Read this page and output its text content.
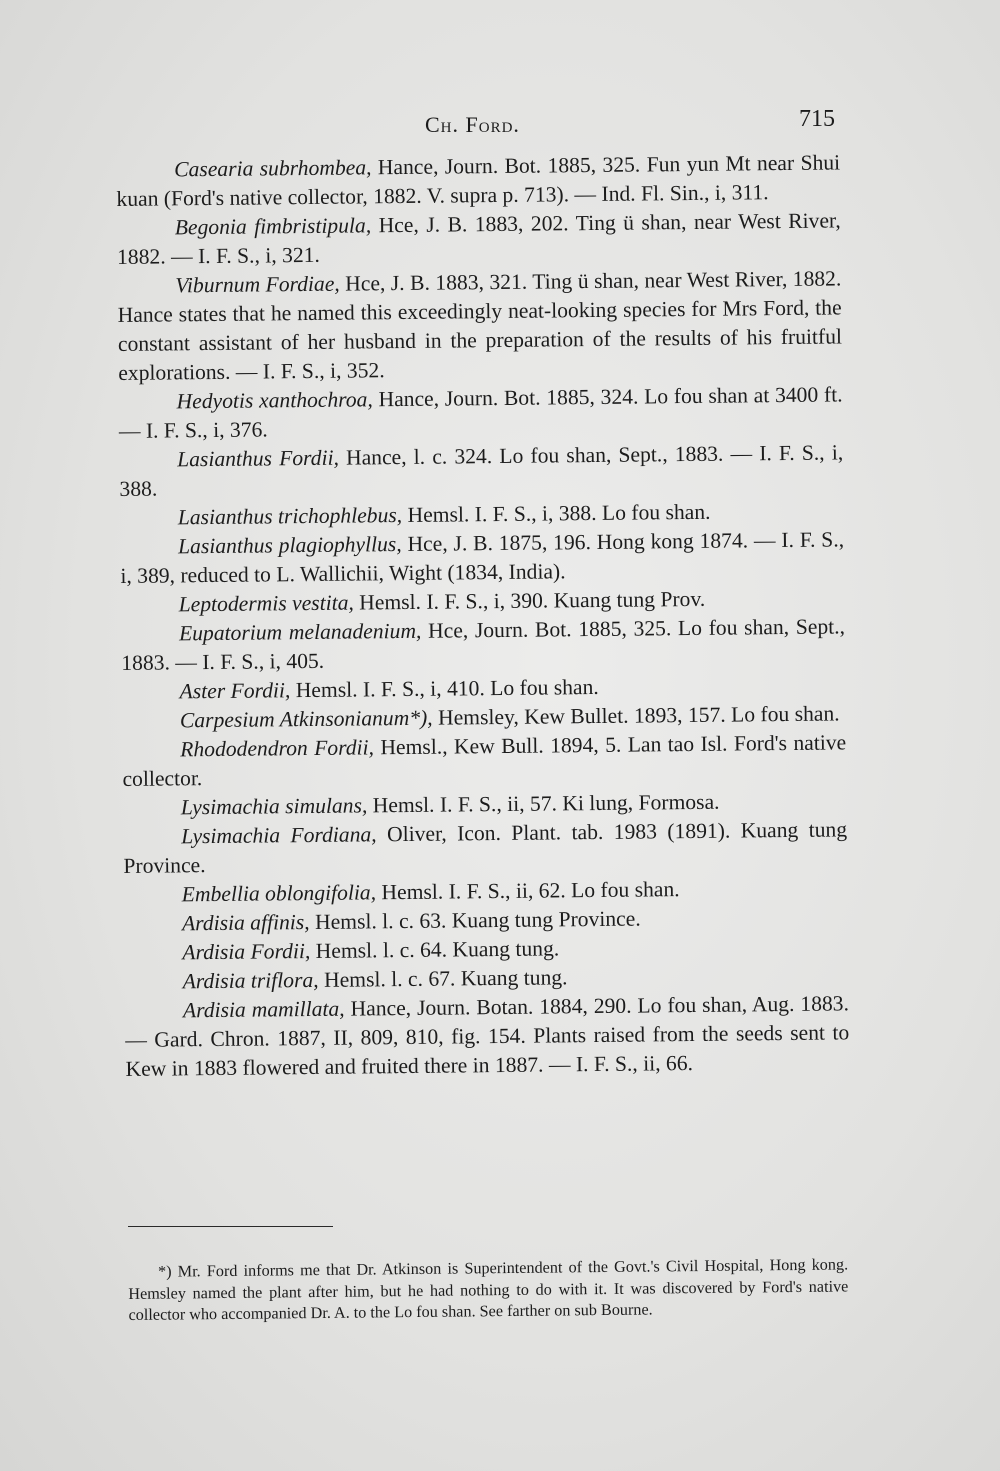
Ch. Ford.	715

Casearia subrhombea, Hance, Journ. Bot. 1885, 325. Fun yun Mt near Shui kuan (Ford's native collector, 1882. V. supra p. 713). — Ind. Fl. Sin., i, 311.

Begonia fimbristipula, Hce, J. B. 1883, 202. Ting ü shan, near West River, 1882. — I. F. S., i, 321.

Viburnum Fordiae, Hce, J. B. 1883, 321. Ting ü shan, near West River, 1882. Hance states that he named this exceedingly neat-looking species for Mrs Ford, the constant assistant of her husband in the preparation of the results of his fruitful explorations. — I. F. S., i, 352.

Hedyotis xanthochroa, Hance, Journ. Bot. 1885, 324. Lo fou shan at 3400 ft. — I. F. S., i, 376.

Lasianthus Fordii, Hance, l. c. 324. Lo fou shan, Sept., 1883. — I. F. S., i, 388.

Lasianthus trichophlebus, Hemsl. I. F. S., i, 388. Lo fou shan.

Lasianthus plagiophyllus, Hce, J. B. 1875, 196. Hong kong 1874. — I. F. S., i, 389, reduced to L. Wallichii, Wight (1834, India).

Leptodermis vestita, Hemsl. I. F. S., i, 390. Kuang tung Prov.

Eupatorium melanadenium, Hce, Journ. Bot. 1885, 325. Lo fou shan, Sept., 1883. — I. F. S., i, 405.

Aster Fordii, Hemsl. I. F. S., i, 410. Lo fou shan.

Carpesium Atkinsonianum*), Hemsley, Kew Bullet. 1893, 157. Lo fou shan.

Rhododendron Fordii, Hemsl., Kew Bull. 1894, 5. Lan tao Isl. Ford's native collector.

Lysimachia simulans, Hemsl. I. F. S., ii, 57. Ki lung, Formosa.

Lysimachia Fordiana, Oliver, Icon. Plant. tab. 1983 (1891). Kuang tung Province.

Embellia oblongifolia, Hemsl. I. F. S., ii, 62. Lo fou shan.

Ardisia affinis, Hemsl. l. c. 63. Kuang tung Province.

Ardisia Fordii, Hemsl. l. c. 64. Kuang tung.

Ardisia triflora, Hemsl. l. c. 67. Kuang tung.

Ardisia mamillata, Hance, Journ. Botan. 1884, 290. Lo fou shan, Aug. 1883. — Gard. Chron. 1887, II, 809, 810, fig. 154. Plants raised from the seeds sent to Kew in 1883 flowered and fruited there in 1887. — I. F. S., ii, 66.

*) Mr. Ford informs me that Dr. Atkinson is Superintendent of the Govt.'s Civil Hospital, Hong kong. Hemsley named the plant after him, but he had nothing to do with it. It was discovered by Ford's native collector who accompanied Dr. A. to the Lo fou shan. See farther on sub Bourne.
